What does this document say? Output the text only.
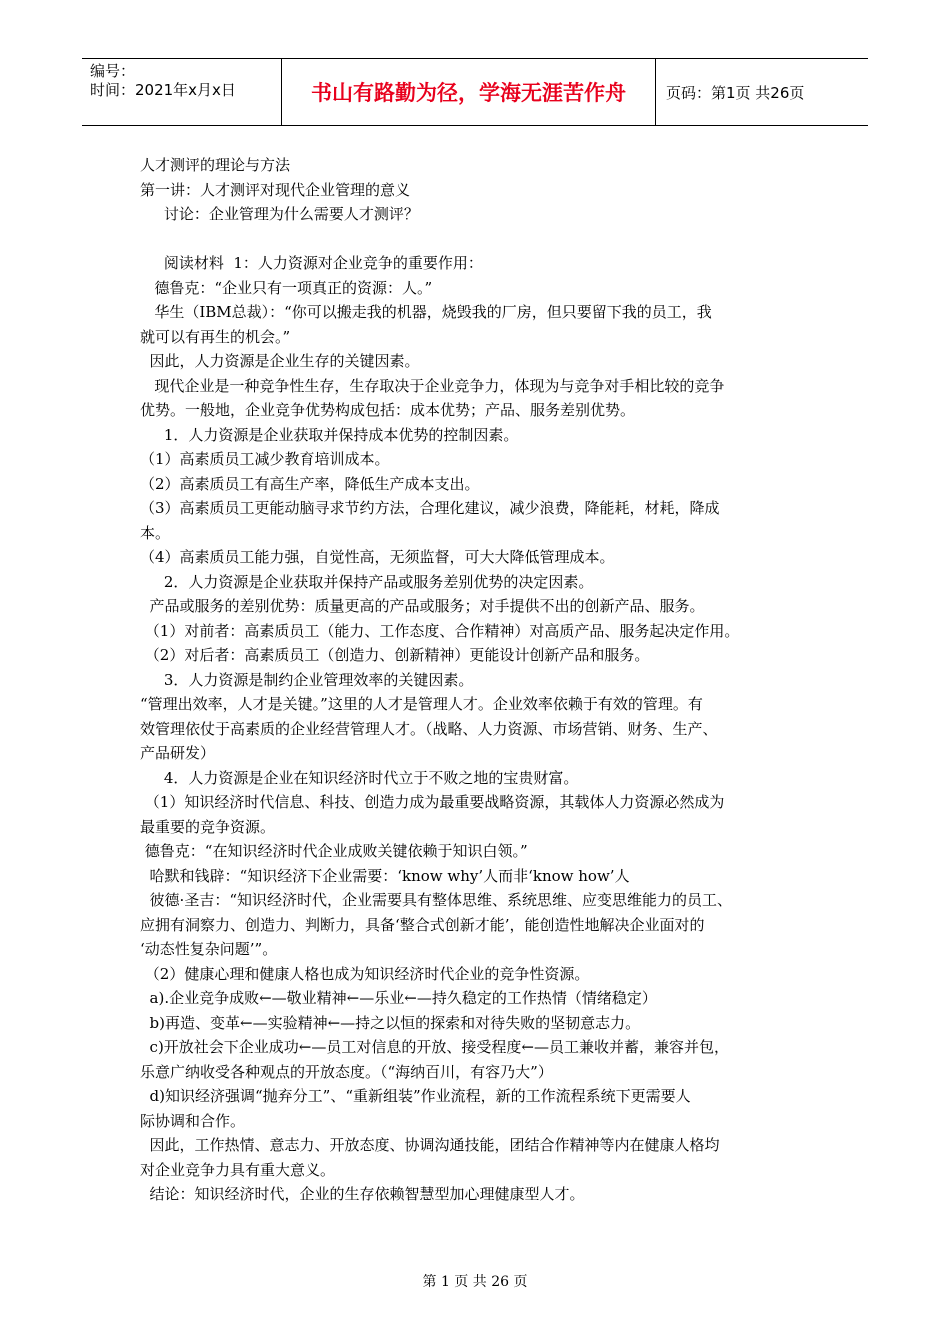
编号：
时间：2021年x月x日	书山有路勤为径，学海无涯苦作舟	页码：第1页 共26页

人才测评的理论与方法

第一讲：人才测评对现代企业管理的意义

讨论：企业管理为什么需要人才测评？

阅读材料  1：人力资源对企业竞争的重要作用：

德鲁克：“企业只有一项真正的资源：人。”

华生（IBM总裁）：“你可以搬走我的机器，烧毁我的厂房，但只要留下我的员工，我

就可以有再生的机会。”

因此，人力资源是企业生存的关键因素。

现代企业是一种竞争性生存，生存取决于企业竞争力，体现为与竞争对手相比较的竞争

优势。一般地，企业竞争优势构成包括：成本优势；产品、服务差别优势。

1．人力资源是企业获取并保持成本优势的控制因素。

（1）高素质员工减少教育培训成本。

（2）高素质员工有高生产率，降低生产成本支出。

（3）高素质员工更能动脑寻求节约方法，合理化建议，减少浪费，降能耗，材耗，降成

本。

（4）高素质员工能力强，自觉性高，无须监督，可大大降低管理成本。

2．人力资源是企业获取并保持产品或服务差别优势的决定因素。

产品或服务的差别优势：质量更高的产品或服务；对手提供不出的创新产品、服务。

（1）对前者：高素质员工（能力、工作态度、合作精神）对高质产品、服务起决定作用。

（2）对后者：高素质员工（创造力、创新精神）更能设计创新产品和服务。

3．人力资源是制约企业管理效率的关键因素。

“管理出效率，人才是关键。”这里的人才是管理人才。企业效率依赖于有效的管理。有

效管理依仗于高素质的企业经营管理人才。（战略、人力资源、市场营销、财务、生产、

产品研发）

4．人力资源是企业在知识经济时代立于不败之地的宝贵财富。

（1）知识经济时代信息、科技、创造力成为最重要战略资源，其载体人力资源必然成为

最重要的竞争资源。

德鲁克：“在知识经济时代企业成败关键依赖于知识白领。”

哈默和钱辟：“知识经济下企业需要：‘know why’人而非‘know how’人

彼德·圣吉：“知识经济时代，企业需要具有整体思维、系统思维、应变思维能力的员工、

应拥有洞察力、创造力、判断力，具备‘整合式创新才能’，能创造性地解决企业面对的

‘动态性复杂问题’”。

（2）健康心理和健康人格也成为知识经济时代企业的竞争性资源。

a).企业竞争成败←—敬业精神←—乐业←—持久稳定的工作热情（情绪稳定）

b)再造、变革←—实验精神←—持之以恒的探索和对待失败的坚韧意志力。

c)开放社会下企业成功←—员工对信息的开放、接受程度←—员工兼收并蓄，兼容并包，

乐意广纳收受各种观点的开放态度。（“海纳百川，有容乃大”）

d)知识经济强调“抛弃分工”、“重新组装”作业流程，新的工作流程系统下更需要人

际协调和合作。

因此，工作热情、意志力、开放态度、协调沟通技能，团结合作精神等内在健康人格均

对企业竞争力具有重大意义。

结论：知识经济时代，企业的生存依赖智慧型加心理健康型人才。

第 1 页 共 26 页
